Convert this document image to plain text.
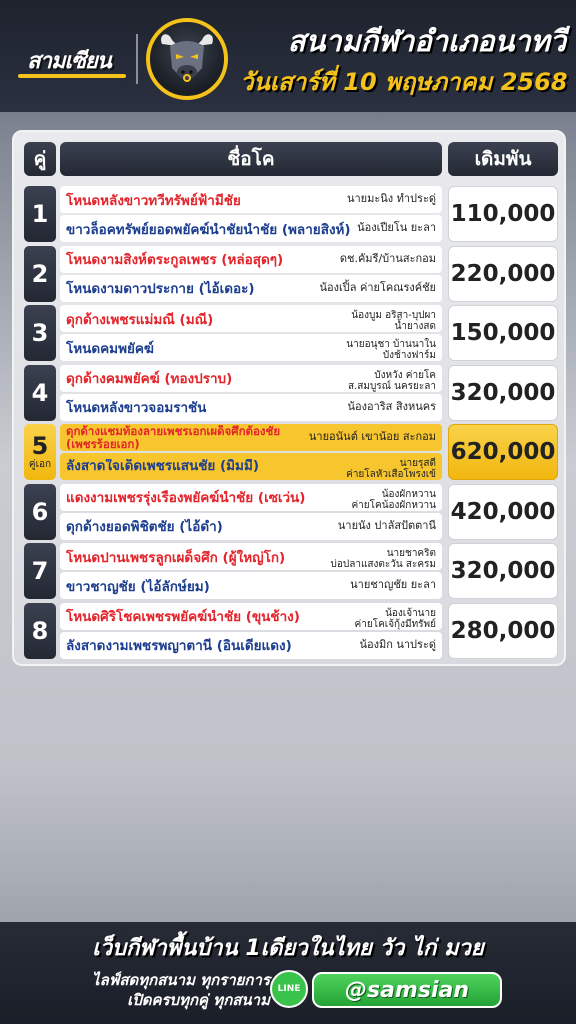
สามเซียน
สนามกีฬาอำเภอนาทวี
วันเสาร์ที่ 10 พฤษภาคม 2568
คู่	ชื่อโค	เดิมพัน
1 โหนดหลังขาวทวีทรัพย์ฟ้ามีชัย	นายมะนิง ทำประดู่
ขาวล็อคทรัพย์ยอดพยัคฆ์นำชัยนำชัย (พลายสิงห์) น้องเปียโน ยะลา
110,000
2 โหนดงามสิงห์ตระกูลเพชร (หล่อสุดๆ)	ดช.คัมรี/บ้านสะกอม
โหนดงามดาวประกาย (ไอ้เดอะ)	น้องเปิ้ล ค่ายโคณรงค์ชัย
220,000
3 ดุกด้างเพชรแม่มณี (มณี)	น้องบูม อริสา-บุปผา
น้ำยางสด
โหนดคมพยัคฆ์	นายอนุชา บ้านนาใน
บังช้างฟาร์ม
150,000
4 ดุกด้างคมพยัคฆ์ (ทองปราบ)	บังหวัง ค่ายโค
ส.สมบูรณ์ นครยะลา
โหนดหลังขาวจอมราชัน	น้องอาริส สิงหนคร
320,000
5
คู่เอก
ดุกด้างแชมท้องลายเพชรเอกเผด็จศึกต้องชัย (เพชรร้อยเอก)	นายอนันต์ เขาน้อย สะกอม
ลังสาดใจเด็ดเพชรแสนชัย (มิมมี่)	นายรุสดี
ค่ายโลหัวเสือโพรงเข้
620,000
6 แดงงามเพชรรุ่งเรืองพยัคฆ์นำชัย (เซเว่น)	น้องผักหวาน
ค่ายโคน้องผักหวาน
ดุกด้างยอดพิชิตชัย (ไอ้ดำ)	นายนัง ปาลัสปัตตานี
420,000
7 โหนดปานเพชรลูกเผด็จศึก (ผู้ใหญ่โก)	นายชาคริต
บ่อปลาแสงตะวัน สะครม
ขาวชาญชัย (ไอ้ลักษ์ยม)	นายชาญชัย ยะลา
320,000
8 โหนดศิริโชคเพชรพยัคฆ์นำชัย (ขุนช้าง)	น้องเจ้านาย
ค่ายโคเจ้กุ้งมีทรัพย์
ลังสาดงามเพชรพญาตานี (อินเดียแดง)	น้องมิก นาประดู่
280,000
เว็บกีฬาพื้นบ้าน 1เดียวในไทย วัว ไก่ มวย
ไลฟ์สดทุกสนาม ทุกรายการ
เปิดครบทุกคู่ ทุกสนาม
LINE	@samsian
